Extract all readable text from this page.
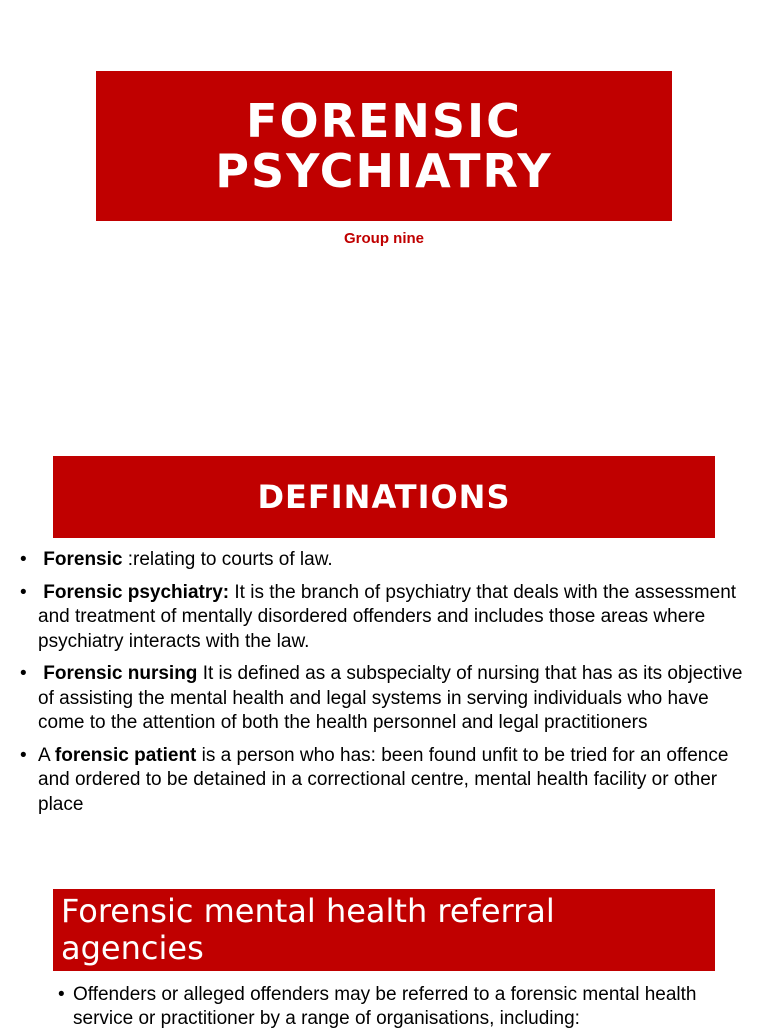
FORENSIC
PSYCHIATRY
Group nine
DEFINATIONS
• Forensic :relating to courts of law.
• Forensic psychiatry: It is the branch of psychiatry that deals with the assessment and treatment of mentally disordered offenders and includes those areas where psychiatry interacts with the law.
• Forensic nursing It is defined as a subspecialty of nursing that has as its objective of assisting the mental health and legal systems in serving individuals who have come to the attention of both the health personnel and legal practitioners
• A forensic patient is a person who has: been found unfit to be tried for an offence and ordered to be detained in a correctional centre, mental health facility or other place
Forensic mental health referral agencies
• Offenders or alleged offenders may be referred to a forensic mental health service or practitioner by a range of organisations, including:
